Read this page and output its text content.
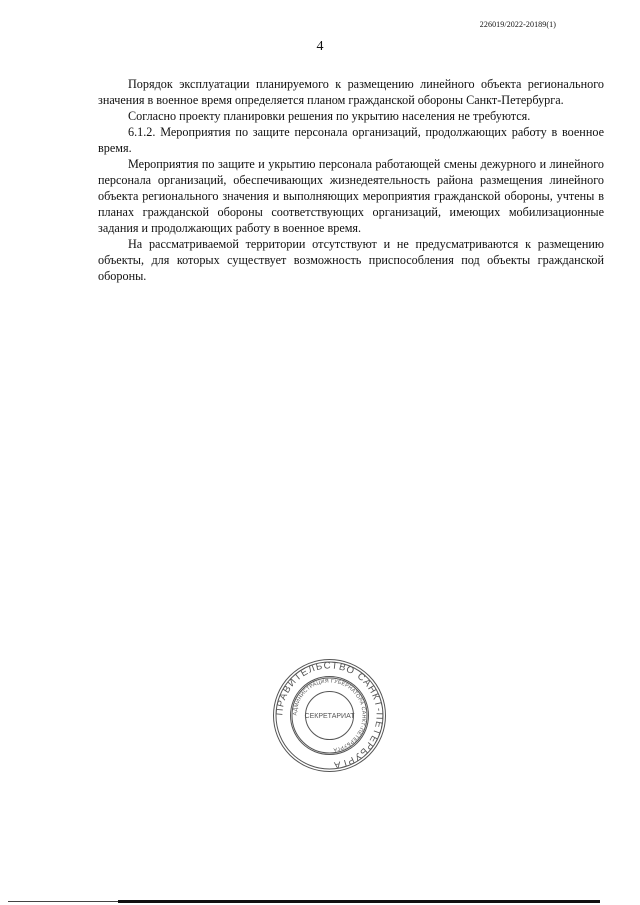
226019/2022-20189(1)
4

Порядок эксплуатации планируемого к размещению линейного объекта регионального значения в военное время определяется планом гражданской обороны Санкт-Петербурга.

Согласно проекту планировки решения по укрытию населения не требуются.

6.1.2. Мероприятия по защите персонала организаций, продолжающих работу в военное время.

Мероприятия по защите и укрытию персонала работающей смены дежурного и линейного персонала организаций, обеспечивающих жизнедеятельность района размещения линейного объекта регионального значения и выполняющих мероприятия гражданской обороны, учтены в планах гражданской обороны соответствующих организаций, имеющих мобилизационные задания и продолжающих работу в военное время.

На рассматриваемой территории отсутствуют и не предусматриваются к размещению объекты, для которых существует возможность приспособления под объекты гражданской обороны.

ПРАВИТЕЛЬСТВО САНКТ-ПЕТЕРБУРГА
АДМИНИСТРАЦИЯ ГУБЕРНАТОРА САНКТ-ПЕТЕРБУРГА
СЕКРЕТАРИАТ
